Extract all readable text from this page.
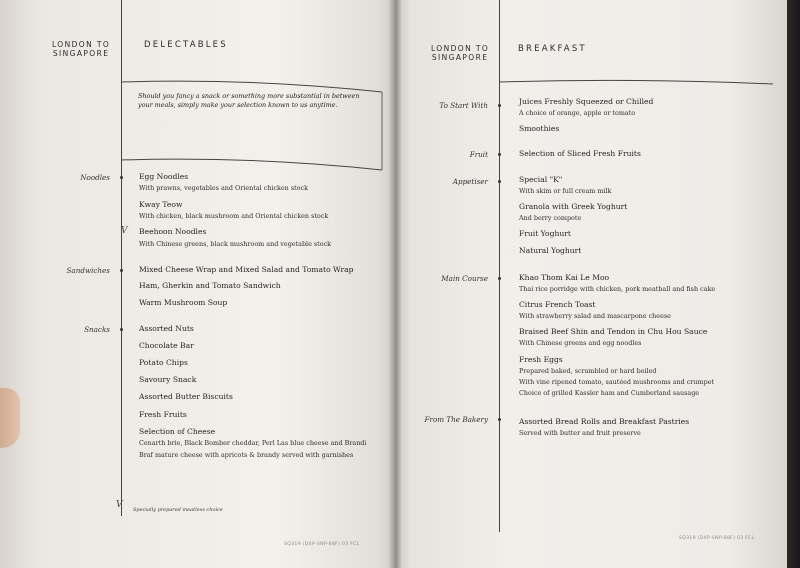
LONDON TO
SINGAPORE
DELECTABLES
Should you fancy a snack or something more substantial in between your meals, simply make your selection known to us anytime.
Noodles	Egg Noodles
With prawns, vegetables and Oriental chicken stock
Kway Teow
With chicken, black mushroom and Oriental chicken stock
V Beehoon Noodles
With Chinese greens, black mushroom and vegetable stock
Sandwiches	Mixed Cheese Wrap and Mixed Salad and Tomato Wrap
Ham, Gherkin and Tomato Sandwich
Warm Mushroom Soup
Snacks	Assorted Nuts
Chocolate Bar
Potato Chips
Savoury Snack
Assorted Butter Biscuits
Fresh Fruits
Selection of Cheese
Cenarth brie, Black Bomber cheddar, Perl Las blue cheese and Brandi
Braf mature cheese with apricots & brandy served with garnishes
V Specially prepared meatless choice
SQ319 (DXP-SNP-88F) 03 FCL
LONDON TO
SINGAPORE
BREAKFAST
To Start With	Juices Freshly Squeezed or Chilled
A choice of orange, apple or tomato
Smoothies
Fruit	Selection of Sliced Fresh Fruits
Appetiser	Special "K"
With skim or full cream milk
Granola with Greek Yoghurt
And berry compote
Fruit Yoghurt
Natural Yoghurt
Main Course	Khao Thom Kai Le Moo
Thai rice porridge with chicken, pork meatball and fish cake
Citrus French Toast
With strawberry salad and mascarpone cheese
Braised Beef Shin and Tendon in Chu Hou Sauce
With Chinese greens and egg noodles
Fresh Eggs
Prepared baked, scrambled or hard boiled
With vine ripened tomato, sautéed mushrooms and crumpet
Choice of grilled Kassler ham and Cumberland sausage
From The Bakery	Assorted Bread Rolls and Breakfast Pastries
Served with butter and fruit preserve
SQ319 (DXP-SNP-88F) 03 FCL
